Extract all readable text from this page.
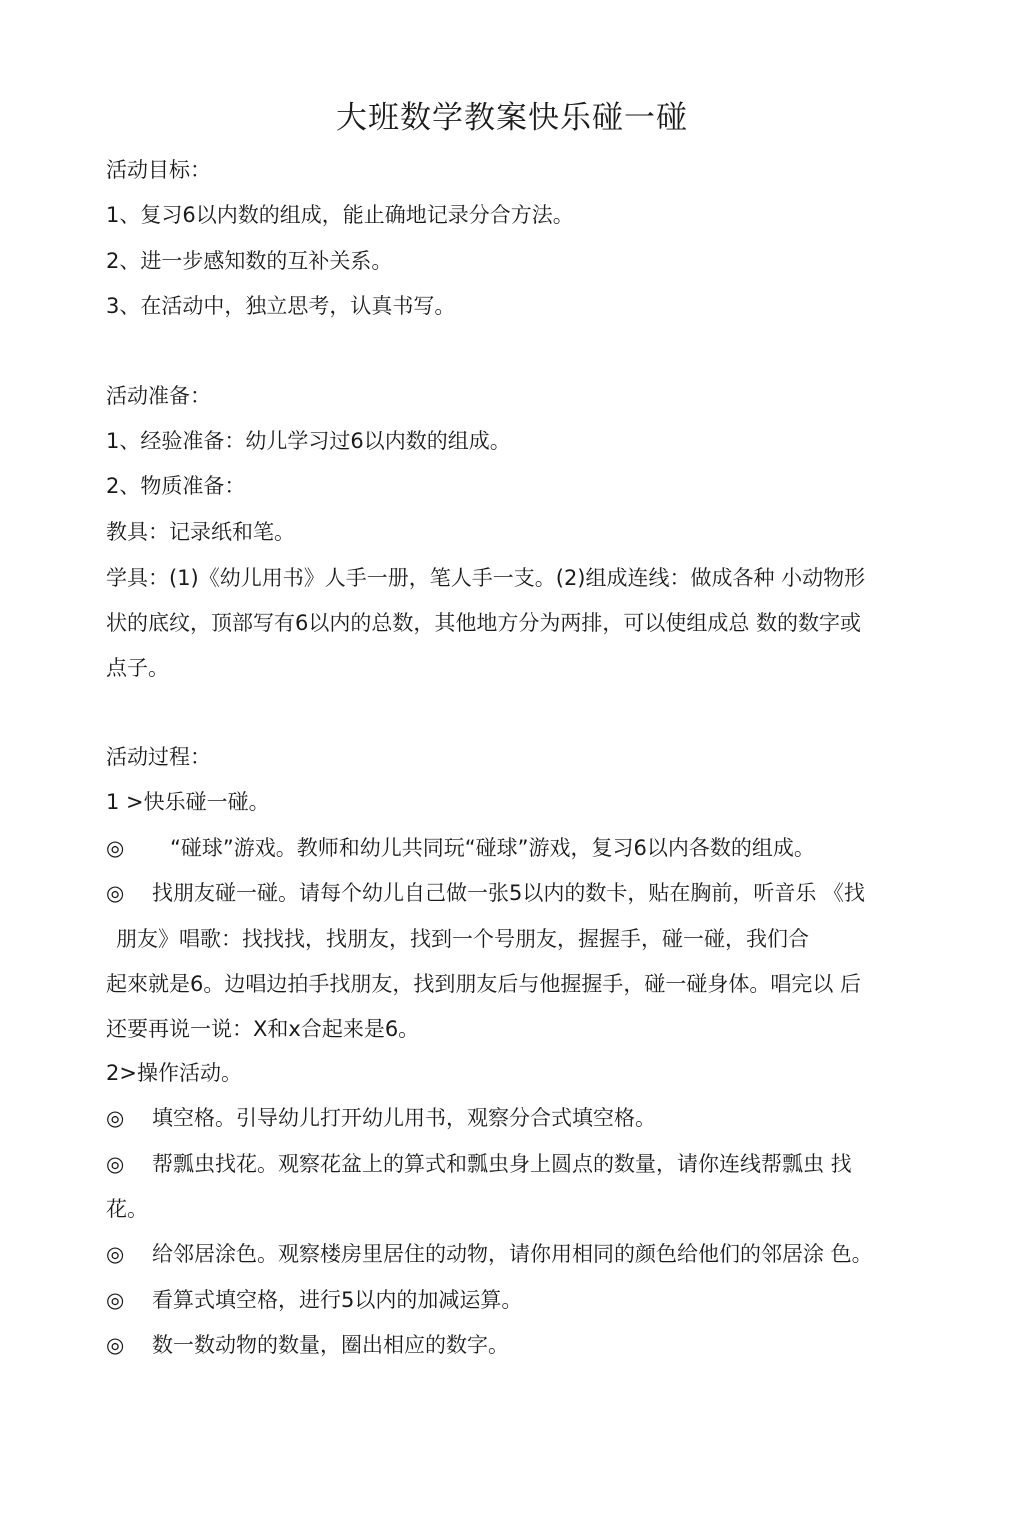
大班数学教案快乐碰一碰
活动目标：
1、复习6以内数的组成，能止确地记录分合方法。
2、进一步感知数的互补关系。
3、在活动中，独立思考，认真书写。
活动准备：
1、经验准备：幼儿学习过6以内数的组成。
2、物质准备：
教具：记录纸和笔。
学具：(1)《幼儿用书》人手一册，笔人手一支。(2)组成连线：做成各种 小动物形
状的底纹，顶部写有6以内的总数，其他地方分为两排，可以使组成总 数的数字或
点子。
活动过程：
1 >快乐碰一碰。
◎ “碰球”游戏。教师和幼儿共同玩“碰球”游戏，复习6以内各数的组成。
◎ 找朋友碰一碰。请每个幼儿自己做一张5以内的数卡，贴在胸前，听音乐 《找
朋友》唱歌：找找找，找朋友，找到一个号朋友，握握手，碰一碰，我们合
起來就是6。边唱边拍手找朋友，找到朋友后与他握握手，碰一碰身体。唱完以 后
还要再说一说：X和x合起来是6。
2>操作活动。
◎ 填空格。引导幼儿打开幼儿用书，观察分合式填空格。
◎ 帮瓢虫找花。观察花盆上的算式和瓢虫身上圆点的数量，请你连线帮瓢虫 找
花。
◎ 给邻居涂色。观察楼房里居住的动物，请你用相同的颜色给他们的邻居涂 色。
◎ 看算式填空格，进行5以内的加减运算。
◎ 数一数动物的数量，圈出相应的数字。
